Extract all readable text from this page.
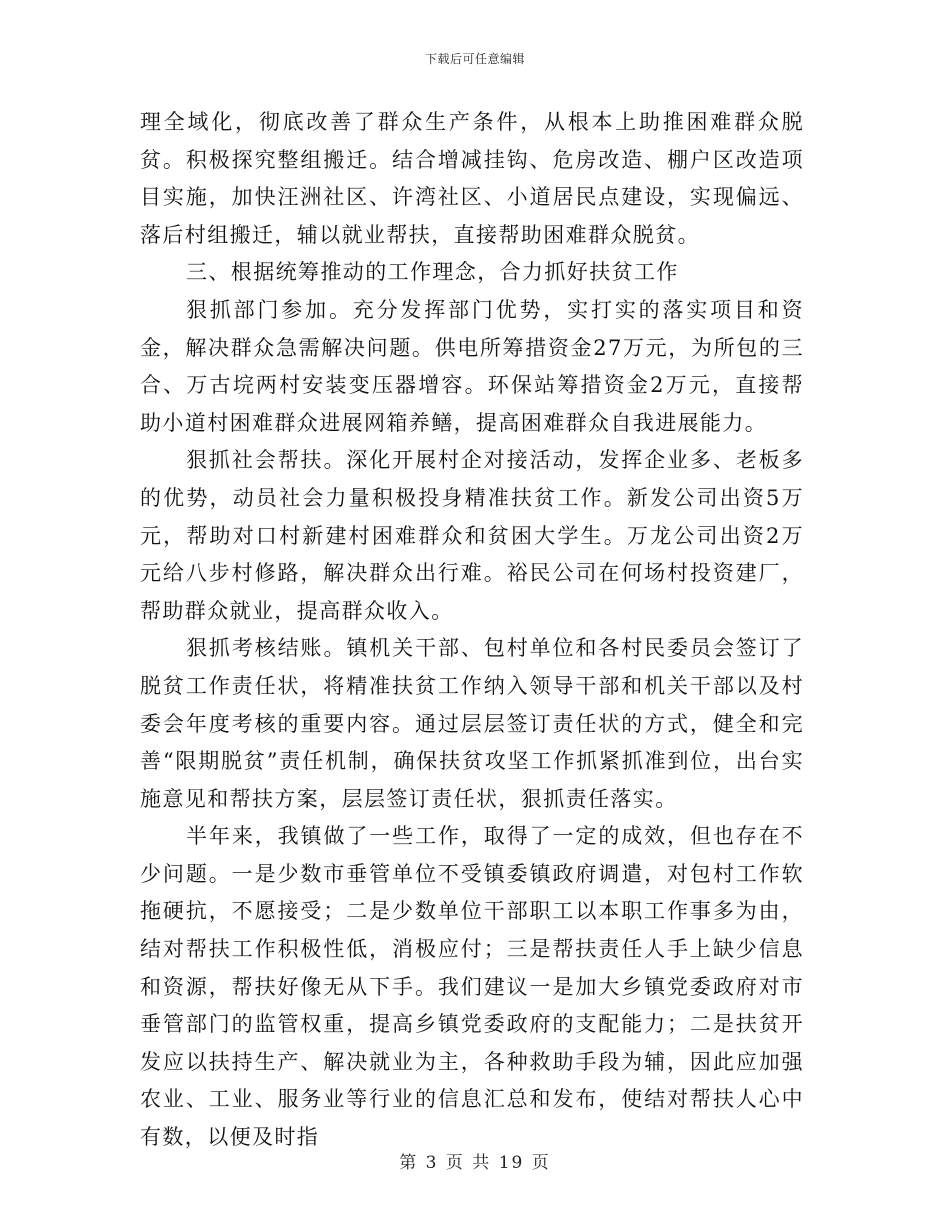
下载后可任意编辑

理全域化，彻底改善了群众生产条件，从根本上助推困难群众脱贫。积极探究整组搬迁。结合增减挂钩、危房改造、棚户区改造项目实施，加快汪洲社区、许湾社区、小道居民点建设，实现偏远、落后村组搬迁，辅以就业帮扶，直接帮助困难群众脱贫。

三、根据统筹推动的工作理念，合力抓好扶贫工作

狠抓部门参加。充分发挥部门优势，实打实的落实项目和资金，解决群众急需解决问题。供电所筹措资金27万元，为所包的三合、万古垸两村安装变压器增容。环保站筹措资金2万元，直接帮助小道村困难群众进展网箱养鳝，提高困难群众自我进展能力。

狠抓社会帮扶。深化开展村企对接活动，发挥企业多、老板多的优势，动员社会力量积极投身精准扶贫工作。新发公司出资5万元，帮助对口村新建村困难群众和贫困大学生。万龙公司出资2万元给八步村修路，解决群众出行难。裕民公司在何场村投资建厂，帮助群众就业，提高群众收入。

狠抓考核结账。镇机关干部、包村单位和各村民委员会签订了脱贫工作责任状，将精准扶贫工作纳入领导干部和机关干部以及村委会年度考核的重要内容。通过层层签订责任状的方式，健全和完善“限期脱贫”责任机制，确保扶贫攻坚工作抓紧抓准到位，出台实施意见和帮扶方案，层层签订责任状，狠抓责任落实。

半年来，我镇做了一些工作，取得了一定的成效，但也存在不少问题。一是少数市垂管单位不受镇委镇政府调遣，对包村工作软拖硬抗，不愿接受；二是少数单位干部职工以本职工作事多为由，结对帮扶工作积极性低，消极应付；三是帮扶责任人手上缺少信息和资源，帮扶好像无从下手。我们建议一是加大乡镇党委政府对市垂管部门的监管权重，提高乡镇党委政府的支配能力；二是扶贫开发应以扶持生产、解决就业为主，各种救助手段为辅，因此应加强农业、工业、服务业等行业的信息汇总和发布，使结对帮扶人心中有数，以便及时指

第 3 页 共 19 页
